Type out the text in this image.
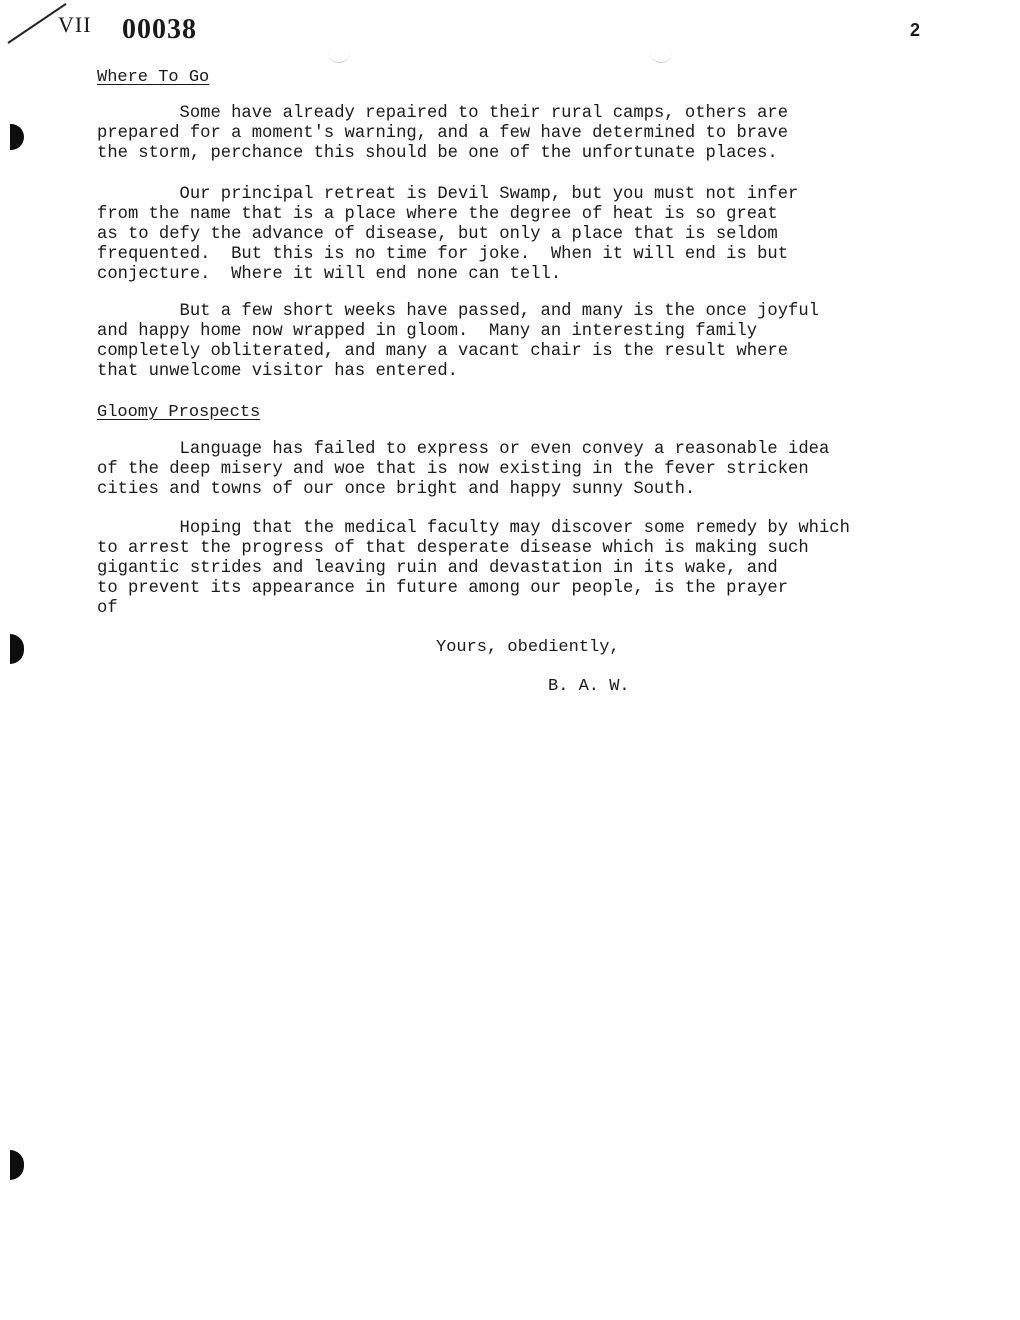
VII 00038	2
Where To Go
Some have already repaired to their rural camps, others are
prepared for a moment's warning, and a few have determined to brave
the storm, perchance this should be one of the unfortunate places.
Our principal retreat is Devil Swamp, but you must not infer
from the name that is a place where the degree of heat is so great
as to defy the advance of disease, but only a place that is seldom
frequented.  But this is no time for joke.  When it will end is but
conjecture.  Where it will end none can tell.
But a few short weeks have passed, and many is the once joyful
and happy home now wrapped in gloom.  Many an interesting family
completely obliterated, and many a vacant chair is the result where
that unwelcome visitor has entered.
Gloomy Prospects
Language has failed to express or even convey a reasonable idea
of the deep misery and woe that is now existing in the fever stricken
cities and towns of our once bright and happy sunny South.
Hoping that the medical faculty may discover some remedy by which
to arrest the progress of that desperate disease which is making such
gigantic strides and leaving ruin and devastation in its wake, and
to prevent its appearance in future among our people, is the prayer
of
Yours, obediently,
B. A. W.
